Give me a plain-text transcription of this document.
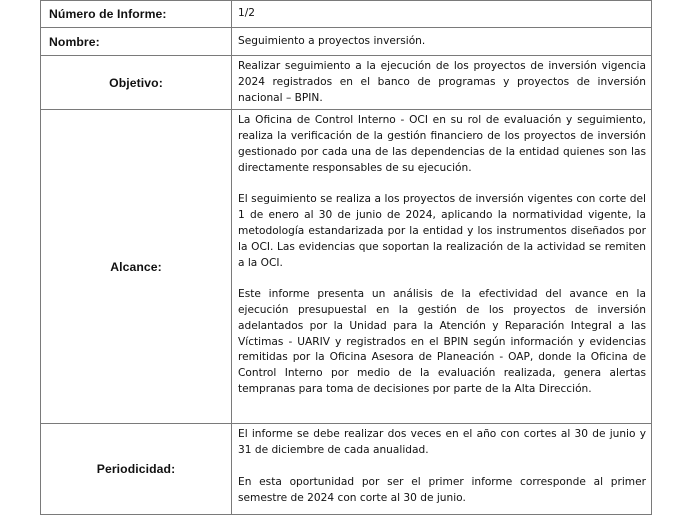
Número de Informe:	1/2

Nombre:	Seguimiento a proyectos inversión.

Objetivo:	Realizar seguimiento a la ejecución de los proyectos de inversión vigencia 2024 registrados en el banco de programas y proyectos de inversión nacional – BPIN.

Alcance:	La Oficina de Control Interno - OCI en su rol de evaluación y seguimiento, realiza la verificación de la gestión financiero de los proyectos de inversión gestionado por cada una de las dependencias de la entidad quienes son las directamente responsables de su ejecución.

El seguimiento se realiza a los proyectos de inversión vigentes con corte del 1 de enero al 30 de junio de 2024, aplicando la normatividad vigente, la metodología estandarizada por la entidad y los instrumentos diseñados por la OCI. Las evidencias que soportan la realización de la actividad se remiten a la OCI.

Este informe presenta un análisis de la efectividad del avance en la ejecución presupuestal en la gestión de los proyectos de inversión adelantados por la Unidad para la Atención y Reparación Integral a las Víctimas - UARIV y registrados en el BPIN según información y evidencias remitidas por la Oficina Asesora de Planeación - OAP, donde la Oficina de Control Interno por medio de la evaluación realizada, genera alertas tempranas para toma de decisiones por parte de la Alta Dirección.

Periodicidad:	El informe se debe realizar dos veces en el año con cortes al 30 de junio y 31 de diciembre de cada anualidad.

En esta oportunidad por ser el primer informe corresponde al primer semestre de 2024 con corte al 30 de junio.
